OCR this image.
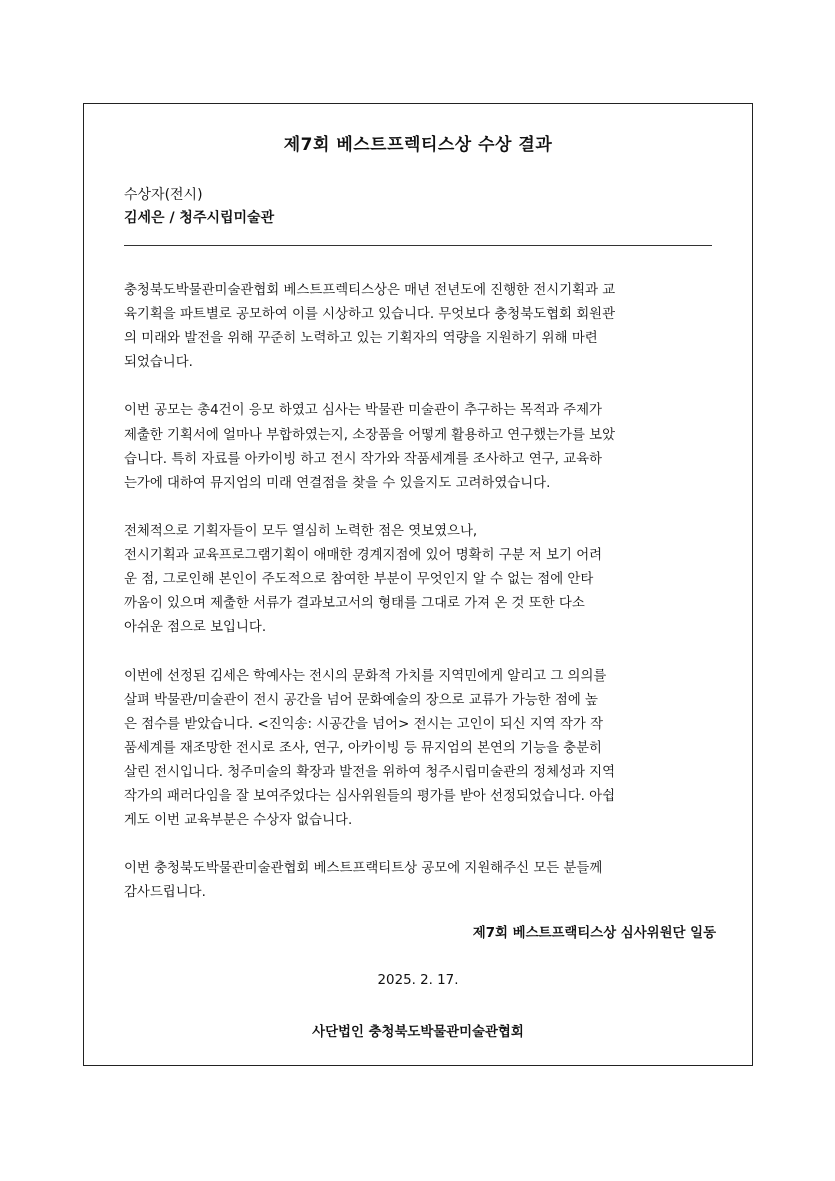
제7회 베스트프렉티스상 수상 결과
수상자(전시)
김세은 / 청주시립미술관

충청북도박물관미술관협회 베스트프렉티스상은 매년 전년도에 진행한 전시기획과 교
육기획을 파트별로 공모하여 이를 시상하고 있습니다. 무엇보다 충청북도협회 회원관
의 미래와 발전을 위해 꾸준히 노력하고 있는 기획자의 역량을 지원하기 위해 마련
되었습니다.

이번 공모는 총4건이 응모 하였고 심사는 박물관 미술관이 추구하는 목적과 주제가
제출한 기획서에 얼마나 부합하였는지, 소장품을 어떻게 활용하고 연구했는가를 보았
습니다. 특히 자료를 아카이빙 하고 전시 작가와 작품세계를 조사하고 연구, 교육하
는가에 대하여 뮤지엄의 미래 연결점을 찾을 수 있을지도 고려하였습니다.

전체적으로 기획자들이 모두 열심히 노력한 점은 엿보였으나,
전시기획과 교육프로그램기획이 애매한 경계지점에 있어 명확히 구분 저 보기 어려
운 점, 그로인해 본인이 주도적으로 참여한 부분이 무엇인지 알 수 없는 점에 안타
까움이 있으며 제출한 서류가 결과보고서의 형태를 그대로 가져 온 것 또한 다소
아쉬운 점으로 보입니다.

이번에 선정된 김세은 학예사는 전시의 문화적 가치를 지역민에게 알리고 그 의의를
살펴 박물관/미술관이 전시 공간을 넘어 문화예술의 장으로 교류가 가능한 점에 높
은 점수를 받았습니다. <진익송: 시공간을 넘어> 전시는 고인이 되신 지역 작가 작
품세계를 재조망한 전시로 조사, 연구, 아카이빙 등 뮤지엄의 본연의 기능을 충분히
살린 전시입니다. 청주미술의 확장과 발전을 위하여 청주시립미술관의 정체성과 지역
작가의 패러다임을 잘 보여주었다는 심사위원들의 평가를 받아 선정되었습니다. 아쉽
게도 이번 교육부분은 수상자 없습니다.

이번 충청북도박물관미술관협회 베스트프랙티트상 공모에 지원해주신 모든 분들께
감사드립니다.

제7회 베스트프랙티스상 심사위원단 일동
2025. 2. 17.
사단법인 충청북도박물관미술관협회
